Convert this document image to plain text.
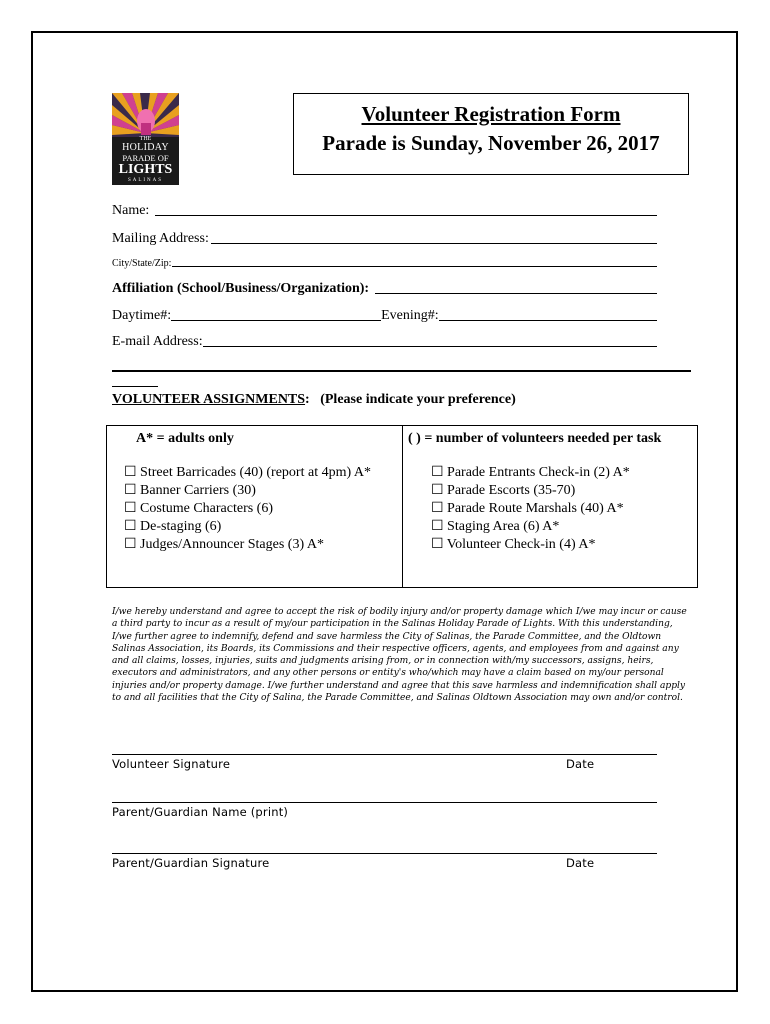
THE
HOLIDAY
PARADE OF
LIGHTS
SALINAS
Volunteer Registration Form
Parade is Sunday, November 26, 2017
Name:
Mailing Address:
City/State/Zip:
Affiliation (School/Business/Organization):
Daytime#:	Evening#:
E-mail Address:
VOLUNTEER ASSIGNMENTS: (Please indicate your preference)
A* = adults only	( ) = number of volunteers needed per task
☐ Street Barricades (40) (report at 4pm) A*
☐ Banner Carriers (30)
☐ Costume Characters (6)
☐ De-staging (6)
☐ Judges/Announcer Stages (3) A*
☐ Parade Entrants Check-in (2) A*
☐ Parade Escorts (35-70)
☐ Parade Route Marshals (40) A*
☐ Staging Area (6) A*
☐ Volunteer Check-in (4) A*
I/we hereby understand and agree to accept the risk of bodily injury and/or property damage which I/we may incur or cause a third party to incur as a result of my/our participation in the Salinas Holiday Parade of Lights. With this understanding, I/we further agree to indemnify, defend and save harmless the City of Salinas, the Parade Committee, and the Oldtown Salinas Association, its Boards, its Commissions and their respective officers, agents, and employees from and against any and all claims, losses, injuries, suits and judgments arising from, or in connection with/my successors, assigns, heirs, executors and administrators, and any other persons or entity's who/which may have a claim based on my/our personal injuries and/or property damage. I/we further understand and agree that this save harmless and indemnification shall apply to and all facilities that the City of Salina, the Parade Committee, and Salinas Oldtown Association may own and/or control.
Volunteer Signature	Date
Parent/Guardian Name (print)
Parent/Guardian Signature	Date
